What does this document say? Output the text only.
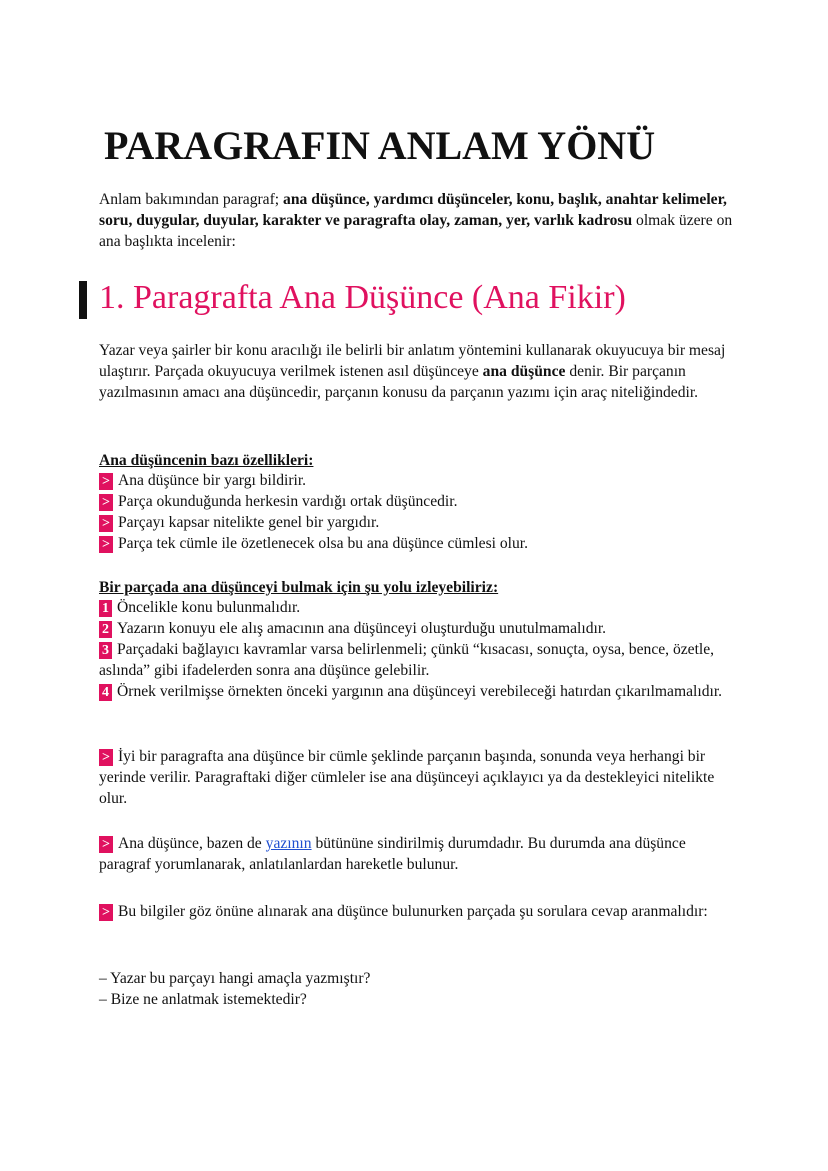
PARAGRAFIN ANLAM YÖNÜ

Anlam bakımından paragraf; ana düşünce, yardımcı düşünceler, konu, başlık, anahtar kelimeler, soru, duygular, duyular, karakter ve paragrafta olay, zaman, yer, varlık kadrosu olmak üzere on ana başlıkta incelenir:

1. Paragrafta Ana Düşünce (Ana Fikir)

Yazar veya şairler bir konu aracılığı ile belirli bir anlatım yöntemini kullanarak okuyucuya bir mesaj ulaştırır. Parçada okuyucuya verilmek istenen asıl düşünceye ana düşünce denir. Bir parçanın yazılmasının amacı ana düşüncedir, parçanın konusu da parçanın yazımı için araç niteliğindedir.

Ana düşüncenin bazı özellikleri:

> Ana düşünce bir yargı bildirir.
> Parça okunduğunda herkesin vardığı ortak düşüncedir.
> Parçayı kapsar nitelikte genel bir yargıdır.
> Parça tek cümle ile özetlenecek olsa bu ana düşünce cümlesi olur.

Bir parçada ana düşünceyi bulmak için şu yolu izleyebiliriz:

1 Öncelikle konu bulunmalıdır.
2 Yazarın konuyu ele alış amacının ana düşünceyi oluşturduğu unutulmamalıdır.
3 Parçadaki bağlayıcı kavramlar varsa belirlenmeli; çünkü “kısacası, sonuçta, oysa, bence, özetle, aslında” gibi ifadelerden sonra ana düşünce gelebilir.
4 Örnek verilmişse örnekten önceki yargının ana düşünceyi verebileceği hatırdan çıkarılmamalıdır.

> İyi bir paragrafta ana düşünce bir cümle şeklinde parçanın başında, sonunda veya herhangi bir yerinde verilir. Paragraftaki diğer cümleler ise ana düşünceyi açıklayıcı ya da destekleyici nitelikte olur.

> Ana düşünce, bazen de yazının bütününe sindirilmiş durumdadır. Bu durumda ana düşünce paragraf yorumlanarak, anlatılanlardan hareketle bulunur.

> Bu bilgiler göz önüne alınarak ana düşünce bulunurken parçada şu sorulara cevap aranmalıdır:

– Yazar bu parçayı hangi amaçla yazmıştır?

– Bize ne anlatmak istemektedir?
